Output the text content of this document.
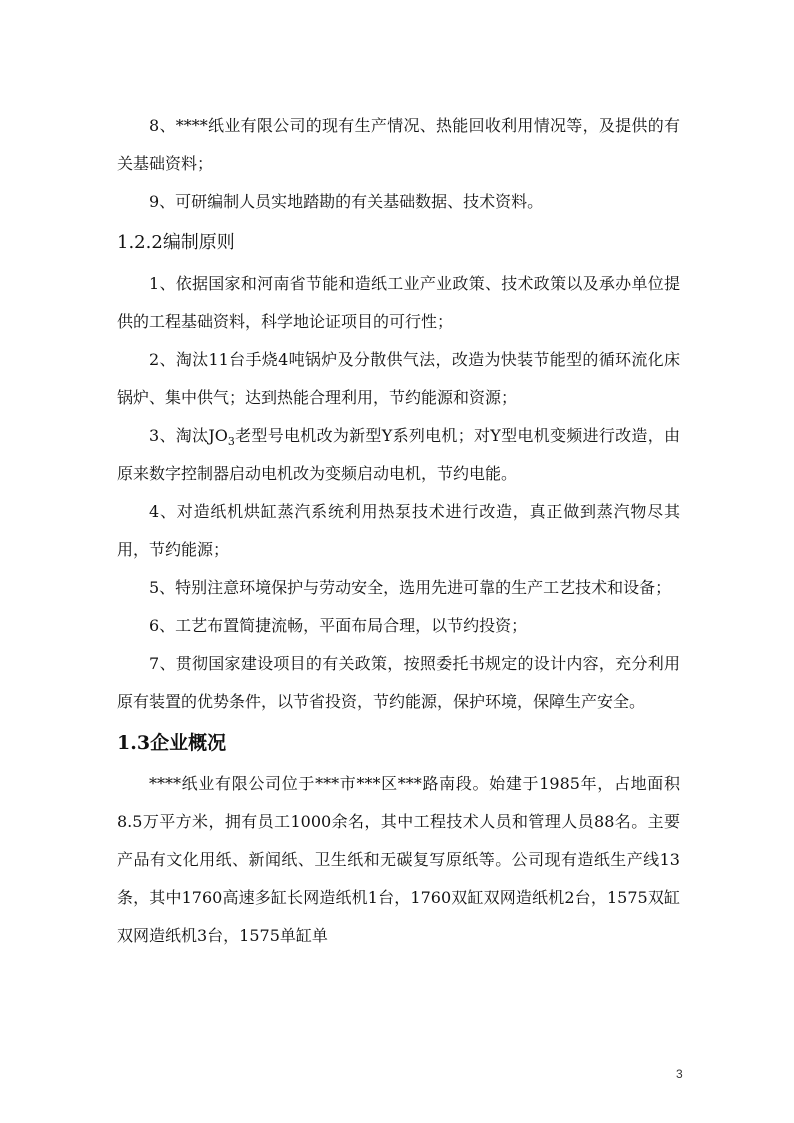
8、****纸业有限公司的现有生产情况、热能回收利用情况等，及提供的有关基础资料；

9、可研编制人员实地踏勘的有关基础数据、技术资料。

1.2.2编制原则

1、依据国家和河南省节能和造纸工业产业政策、技术政策以及承办单位提供的工程基础资料，科学地论证项目的可行性；

2、淘汰11台手烧4吨锅炉及分散供气法，改造为快装节能型的循环流化床锅炉、集中供气；达到热能合理利用，节约能源和资源；

3、淘汰$JO_3$老型号电机改为新型Y系列电机；对Y型电机变频进行改造，由原来数字控制器启动电机改为变频启动电机，节约电能。

4、对造纸机烘缸蒸汽系统利用热泵技术进行改造，真正做到蒸汽物尽其用，节约能源；

5、特别注意环境保护与劳动安全，选用先进可靠的生产工艺技术和设备；

6、工艺布置简捷流畅，平面布局合理，以节约投资；

7、贯彻国家建设项目的有关政策，按照委托书规定的设计内容，充分利用原有装置的优势条件，以节省投资，节约能源，保护环境，保障生产安全。

1.3企业概况

****纸业有限公司位于***市***区***路南段。始建于1985年，占地面积8.5万平方米，拥有员工1000余名，其中工程技术人员和管理人员88名。主要产品有文化用纸、新闻纸、卫生纸和无碳复写原纸等。公司现有造纸生产线13条，其中1760高速多缸长网造纸机1台，1760双缸双网造纸机2台，1575双缸双网造纸机3台，1575单缸单

3
